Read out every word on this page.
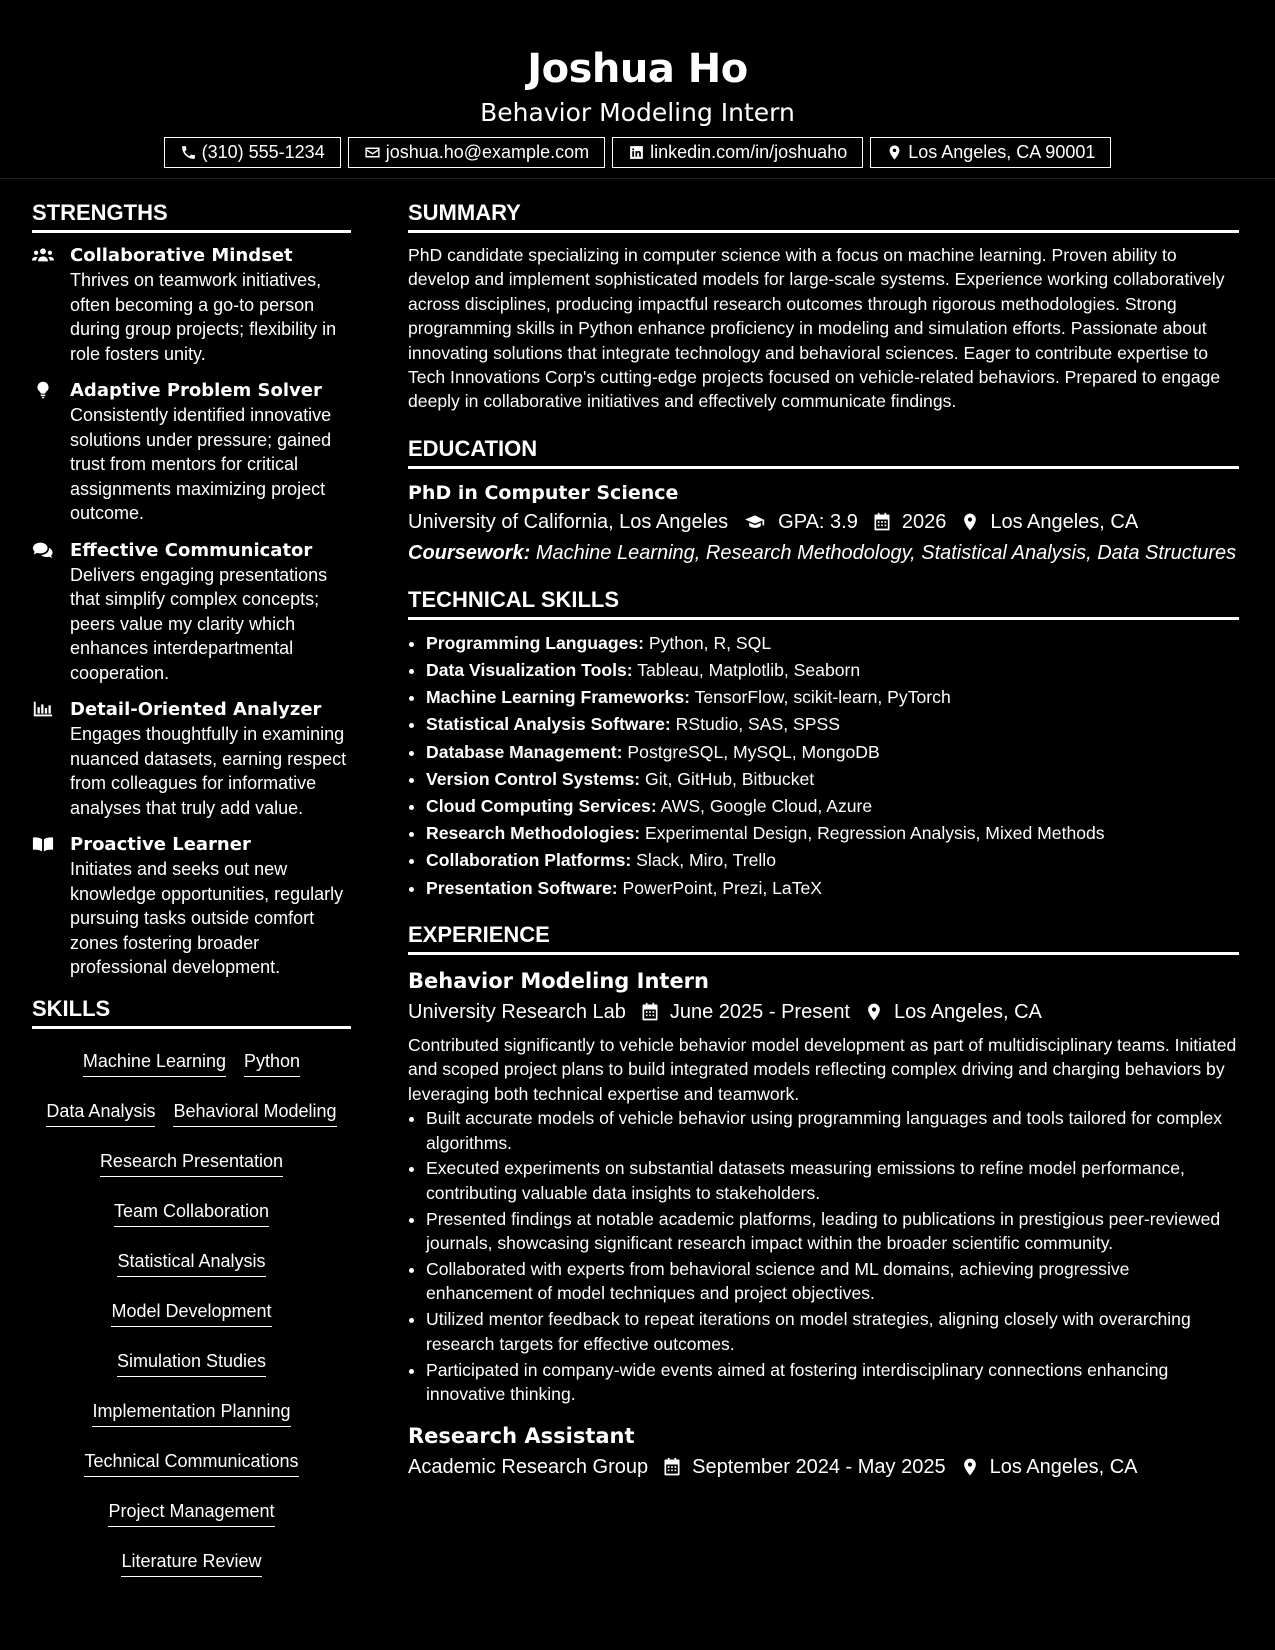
Joshua Ho
Behavior Modeling Intern
(310) 555-1234	joshua.ho@example.com	linkedin.com/in/joshuaho	Los Angeles, CA 90001
STRENGTHS
Collaborative Mindset
Thrives on teamwork initiatives, often becoming a go-to person during group projects; flexibility in role fosters unity.
Adaptive Problem Solver
Consistently identified innovative solutions under pressure; gained trust from mentors for critical assignments maximizing project outcome.
Effective Communicator
Delivers engaging presentations that simplify complex concepts; peers value my clarity which enhances interdepartmental cooperation.
Detail-Oriented Analyzer
Engages thoughtfully in examining nuanced datasets, earning respect from colleagues for informative analyses that truly add value.
Proactive Learner
Initiates and seeks out new knowledge opportunities, regularly pursuing tasks outside comfort zones fostering broader professional development.
SKILLS
Machine Learning Python
Data Analysis Behavioral Modeling
Research Presentation
Team Collaboration
Statistical Analysis
Model Development
Simulation Studies
Implementation Planning
Technical Communications
Project Management
Literature Review
SUMMARY
PhD candidate specializing in computer science with a focus on machine learning. Proven ability to develop and implement sophisticated models for large-scale systems. Experience working collaboratively across disciplines, producing impactful research outcomes through rigorous methodologies. Strong programming skills in Python enhance proficiency in modeling and simulation efforts. Passionate about innovating solutions that integrate technology and behavioral sciences. Eager to contribute expertise to Tech Innovations Corp's cutting-edge projects focused on vehicle-related behaviors. Prepared to engage deeply in collaborative initiatives and effectively communicate findings.
EDUCATION
PhD in Computer Science
University of California, Los Angeles	GPA: 3.9 2026 Los Angeles, CA
Coursework: Machine Learning, Research Methodology, Statistical Analysis, Data Structures
TECHNICAL SKILLS
• Programming Languages: Python, R, SQL
• Data Visualization Tools: Tableau, Matplotlib, Seaborn
• Machine Learning Frameworks: TensorFlow, scikit-learn, PyTorch
• Statistical Analysis Software: RStudio, SAS, SPSS
• Database Management: PostgreSQL, MySQL, MongoDB
• Version Control Systems: Git, GitHub, Bitbucket
• Cloud Computing Services: AWS, Google Cloud, Azure
• Research Methodologies: Experimental Design, Regression Analysis, Mixed Methods
• Collaboration Platforms: Slack, Miro, Trello
• Presentation Software: PowerPoint, Prezi, LaTeX
EXPERIENCE
Behavior Modeling Intern
University Research Lab June 2025 - Present Los Angeles, CA
Contributed significantly to vehicle behavior model development as part of multidisciplinary teams. Initiated and scoped project plans to build integrated models reflecting complex driving and charging behaviors by leveraging both technical expertise and teamwork.
• Built accurate models of vehicle behavior using programming languages and tools tailored for complex algorithms.
• Executed experiments on substantial datasets measuring emissions to refine model performance, contributing valuable data insights to stakeholders.
• Presented findings at notable academic platforms, leading to publications in prestigious peer-reviewed journals, showcasing significant research impact within the broader scientific community.
• Collaborated with experts from behavioral science and ML domains, achieving progressive enhancement of model techniques and project objectives.
• Utilized mentor feedback to repeat iterations on model strategies, aligning closely with overarching research targets for effective outcomes.
• Participated in company-wide events aimed at fostering interdisciplinary connections enhancing innovative thinking.
Research Assistant
Academic Research Group September 2024 - May 2025 Los Angeles, CA
